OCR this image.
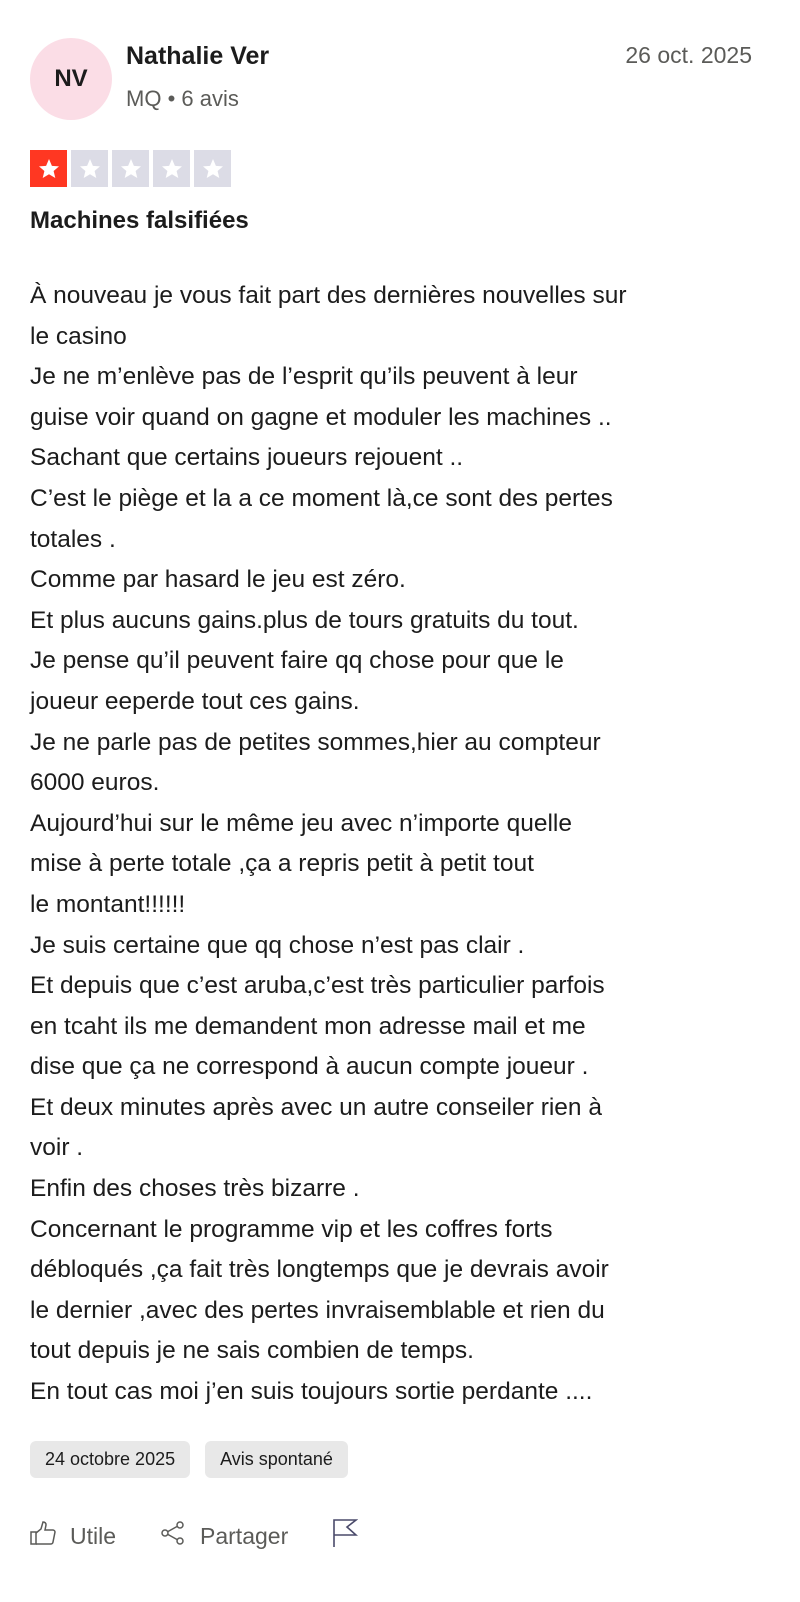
NV
Nathalie Ver
MQ • 6 avis
26 oct. 2025
Machines falsifiées
À nouveau je vous fait part des dernières nouvelles sur
le casino
Je ne m’enlève pas de l’esprit qu’ils peuvent à leur
guise voir quand on gagne et moduler les machines ..
Sachant que certains joueurs rejouent ..
C’est le piège et la a ce moment là,ce sont des pertes
totales .
Comme par hasard le jeu est zéro.
Et plus aucuns gains.plus de tours gratuits du tout.
Je pense qu’il peuvent faire qq chose pour que le
joueur eeperde tout ces gains.
Je ne parle pas de petites sommes,hier au compteur
6000 euros.
Aujourd’hui sur le même jeu avec n’importe quelle
mise à perte totale ,ça a repris petit à petit tout
le montant!!!!!!
Je suis certaine que qq chose n’est pas clair .
Et depuis que c’est aruba,c’est très particulier parfois
en tcaht ils me demandent mon adresse mail et me
dise que ça ne correspond à aucun compte joueur .
Et deux minutes après avec un autre conseiler rien à
voir .
Enfin des choses très bizarre .
Concernant le programme vip et les coffres forts
débloqués ,ça fait très longtemps que je devrais avoir
le dernier ,avec des pertes invraisemblable et rien du
tout depuis je ne sais combien de temps.
En tout cas moi j’en suis toujours sortie perdante ....
24 octobre 2025	Avis spontané
Utile	Partager
